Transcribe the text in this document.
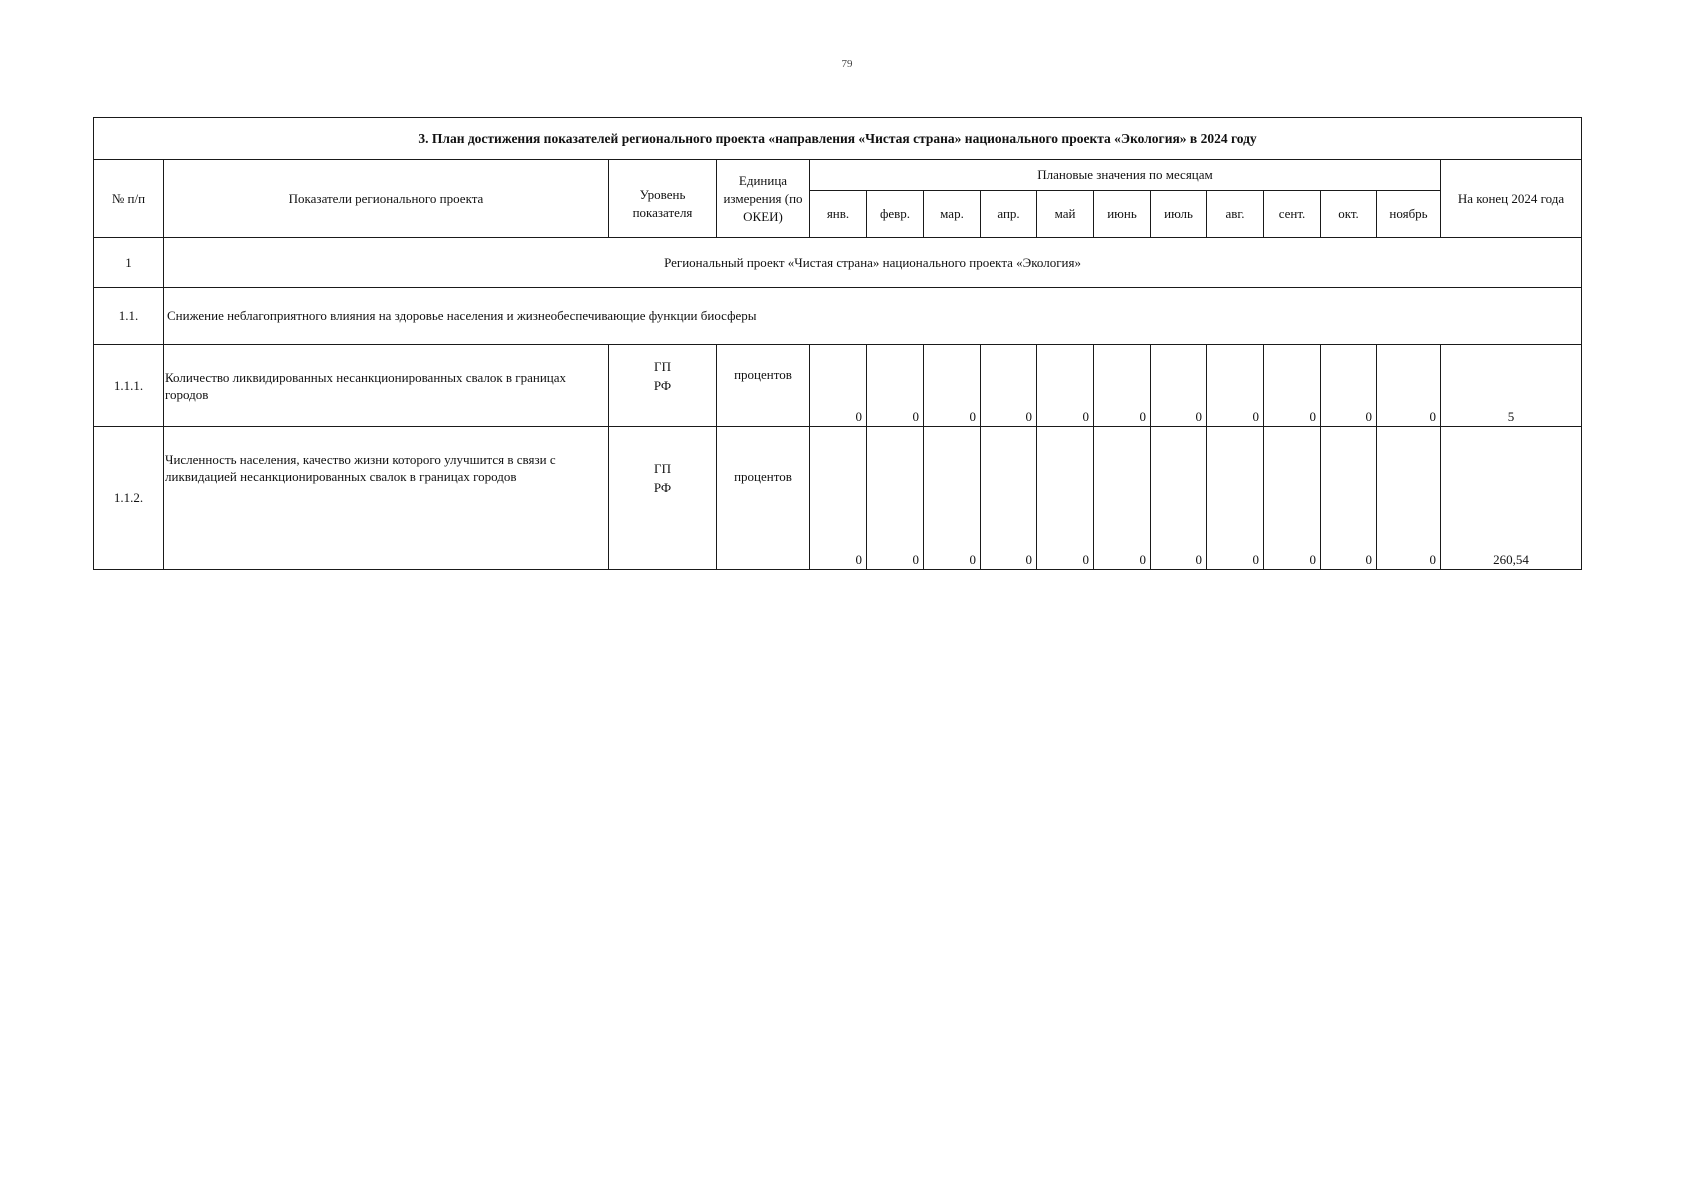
79
3. План достижения показателей регионального проекта «направления «Чистая страна» национального проекта «Экология» в 2024 году															
№ п/п	Показатели регионального проекта	Уровень показателя	Единица измерения (по ОКЕИ)	Плановые значения по месяцам											На конец 2024 года
				янв.	февр.	мар.	апр.	май	июнь	июль	авг.	сент.	окт.	ноябрь	
1	Региональный проект «Чистая страна» национального проекта «Экология»														
1.1.	Снижение неблагоприятного влияния на здоровье населения и жизнеобеспечивающие функции биосферы														
1.1.1.	Количество ликвидированных несанкционированных свалок в границах городов	ГП
РФ	процентов	0	0	0	0	0	0	0	0	0	0	0	5
1.1.2.	Численность населения, качество жизни которого улучшится в связи с ликвидацией несанкционированных свалок в границах городов	ГП
РФ	процентов	0	0	0	0	0	0	0	0	0	0	0	260,54
